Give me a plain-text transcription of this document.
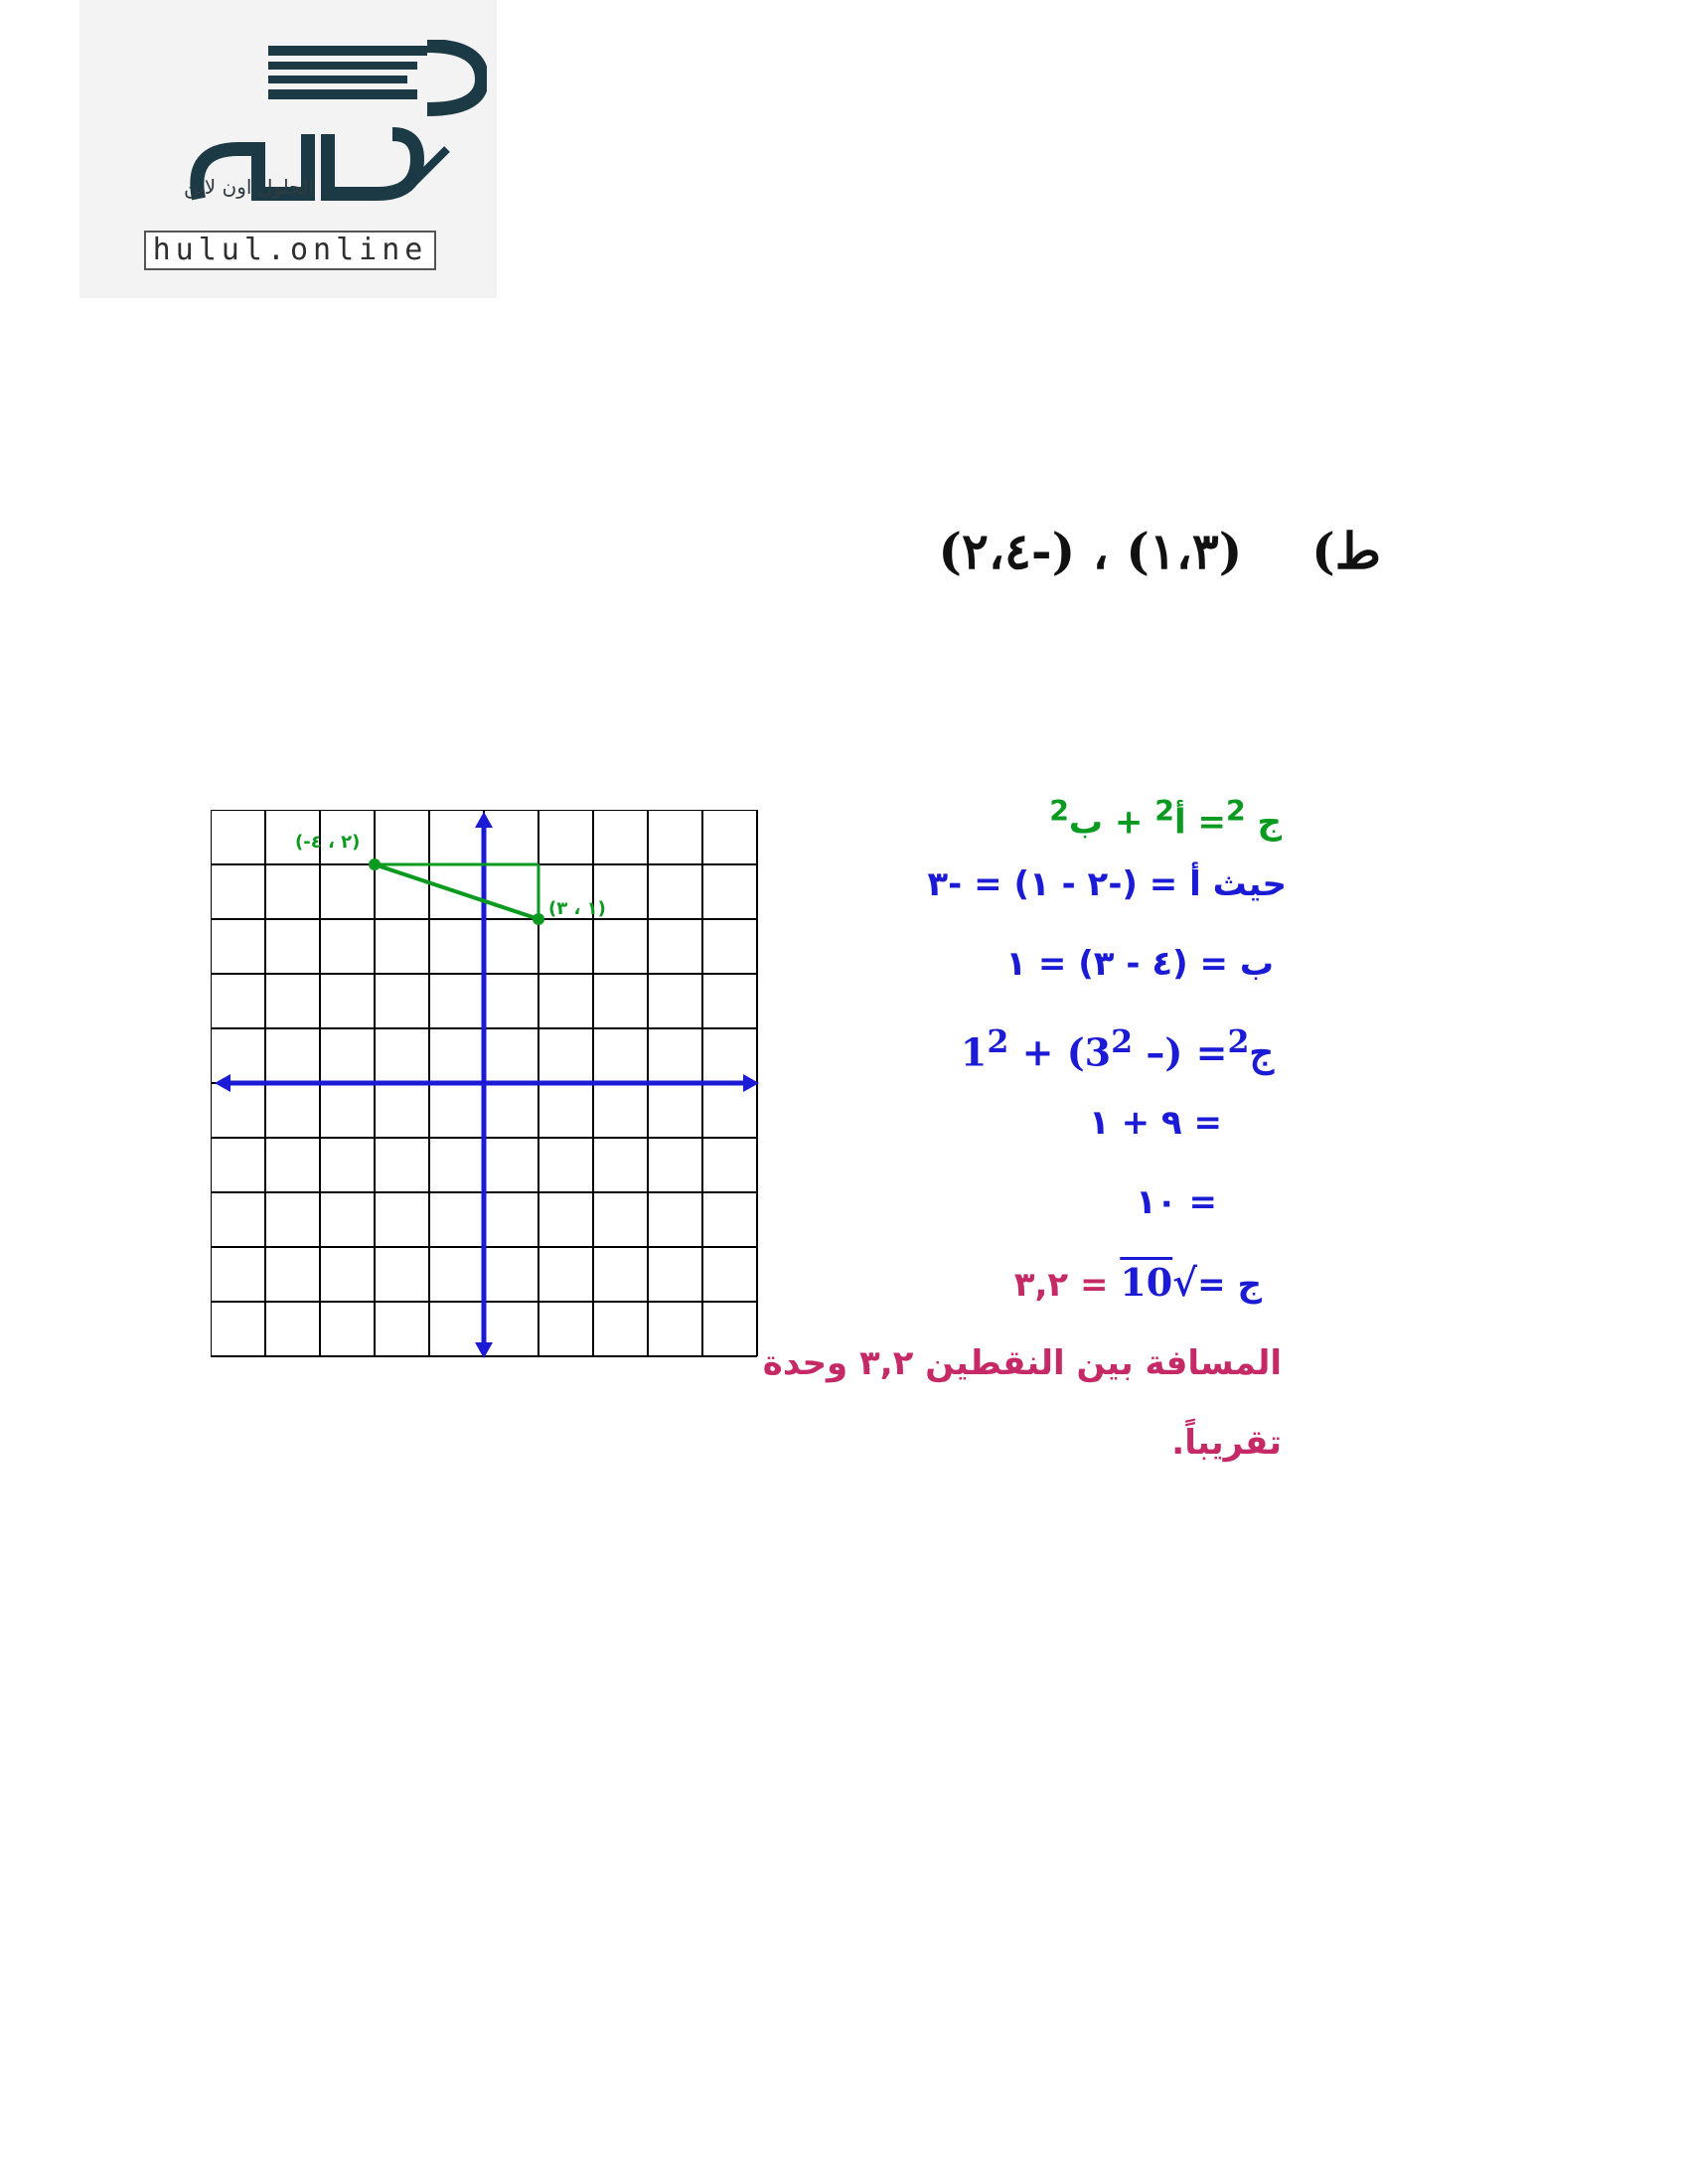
الحلول اون لاين
hulul.online
ط)    (١،٣) ، (-٢،٤)
(-٢ ، ٤)
(١ ، ٣)
ج $^2$= أ$^2$ + ب$^2$
حيث أ = (-٢ - ١) = -٣
ب = (٤ - ٣) = ١
ج$^2$= (– $3^2) + 1^2$
= ٩ + ١
= ١٠
ج =√10 = ٣,٢
المسافة بين النقطين ٣,٢ وحدة
تقريباً.
